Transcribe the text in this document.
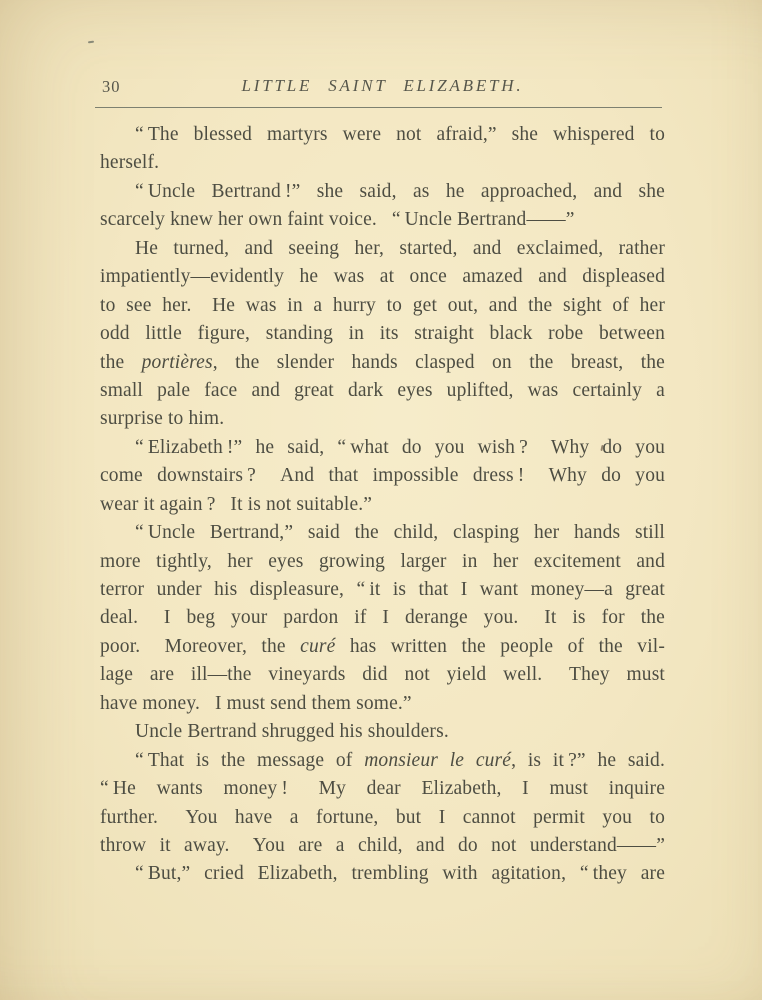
30	LITTLE SAINT ELIZABETH.
“ The blessed martyrs were not afraid,” she whispered to
herself.
“ Uncle Bertrand !” she said, as he approached, and she
scarcely knew her own faint voice.  “ Uncle Bertrand——”
He turned, and seeing her, started, and exclaimed, rather
impatiently—evidently he was at once amazed and displeased
to see her.  He was in a hurry to get out, and the sight of her
odd little figure, standing in its straight black robe between
the portières, the slender hands clasped on the breast, the
small pale face and great dark eyes uplifted, was certainly a
surprise to him.
“ Elizabeth !” he said, “ what do you wish ?  Why do you
come downstairs ?  And that impossible dress !  Why do you
wear it again ?  It is not suitable.”
“ Uncle Bertrand,” said the child, clasping her hands still
more tightly, her eyes growing larger in her excitement and
terror under his displeasure, “ it is that I want money—a great
deal.  I beg your pardon if I derange you.  It is for the
poor.  Moreover, the curé has written the people of the vil-
lage are ill—the vineyards did not yield well.  They must
have money.  I must send them some.”
Uncle Bertrand shrugged his shoulders.
“ That is the message of monsieur le curé, is it ?” he said.
“ He wants money !  My dear Elizabeth, I must inquire
further.  You have a fortune, but I cannot permit you to
throw it away.  You are a child, and do not understand——”
“ But,” cried Elizabeth, trembling with agitation, “ they are
